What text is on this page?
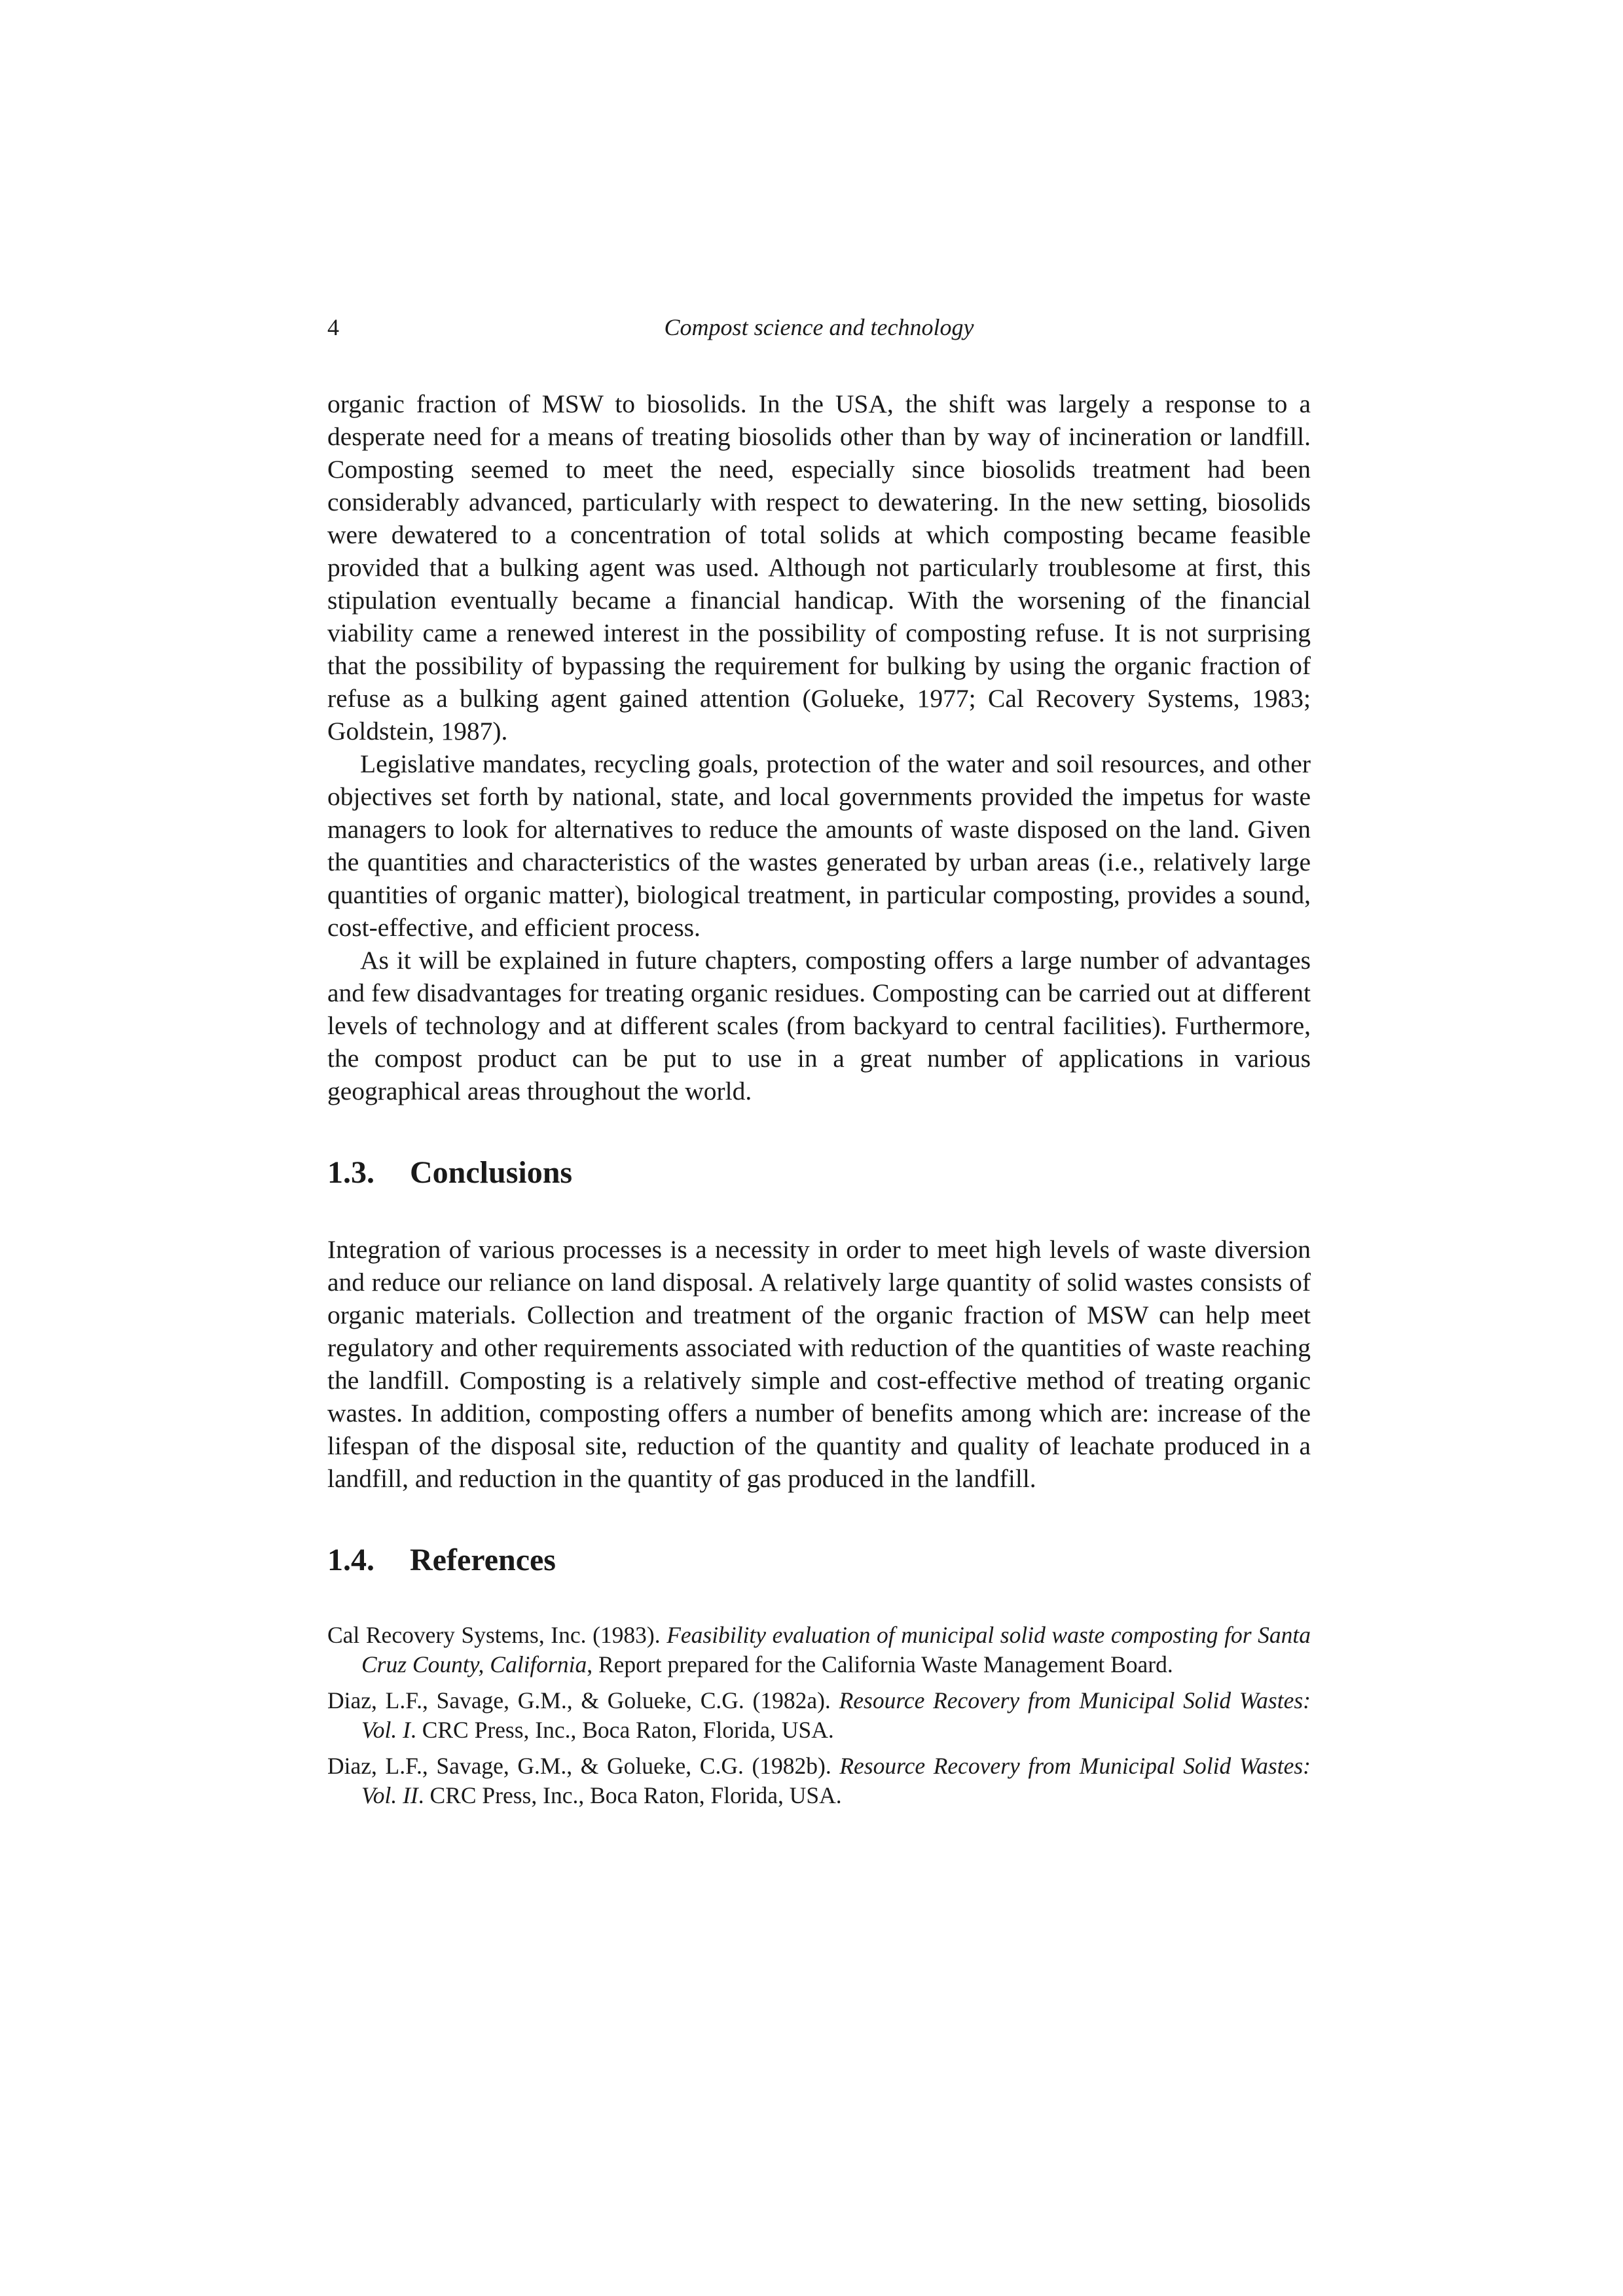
4	Compost science and technology

organic fraction of MSW to biosolids. In the USA, the shift was largely a response to a desperate need for a means of treating biosolids other than by way of incineration or landfill. Composting seemed to meet the need, especially since biosolids treatment had been considerably advanced, particularly with respect to dewatering. In the new setting, biosolids were dewatered to a concentration of total solids at which composting became feasible provided that a bulking agent was used. Although not particularly troublesome at first, this stipulation eventually became a financial handicap. With the worsening of the financial viability came a renewed interest in the possibility of composting refuse. It is not surprising that the possibility of bypassing the requirement for bulking by using the organic fraction of refuse as a bulking agent gained attention (Golueke, 1977; Cal Recovery Systems, 1983; Goldstein, 1987).

Legislative mandates, recycling goals, protection of the water and soil resources, and other objectives set forth by national, state, and local governments provided the impetus for waste managers to look for alternatives to reduce the amounts of waste disposed on the land. Given the quantities and characteristics of the wastes generated by urban areas (i.e., relatively large quantities of organic matter), biological treatment, in particular composting, provides a sound, cost-effective, and efficient process.

As it will be explained in future chapters, composting offers a large number of advantages and few disadvantages for treating organic residues. Composting can be carried out at different levels of technology and at different scales (from backyard to central facilities). Furthermore, the compost product can be put to use in a great number of applications in various geographical areas throughout the world.

1.3. Conclusions

Integration of various processes is a necessity in order to meet high levels of waste diversion and reduce our reliance on land disposal. A relatively large quantity of solid wastes consists of organic materials. Collection and treatment of the organic fraction of MSW can help meet regulatory and other requirements associated with reduction of the quantities of waste reaching the landfill. Composting is a relatively simple and cost-effective method of treating organic wastes. In addition, composting offers a number of benefits among which are: increase of the lifespan of the disposal site, reduction of the quantity and quality of leachate produced in a landfill, and reduction in the quantity of gas produced in the landfill.

1.4. References
Cal Recovery Systems, Inc. (1983). Feasibility evaluation of municipal solid waste composting for Santa Cruz County, California, Report prepared for the California Waste Management Board.
Diaz, L.F., Savage, G.M., & Golueke, C.G. (1982a). Resource Recovery from Municipal Solid Wastes: Vol. I. CRC Press, Inc., Boca Raton, Florida, USA.
Diaz, L.F., Savage, G.M., & Golueke, C.G. (1982b). Resource Recovery from Municipal Solid Wastes: Vol. II. CRC Press, Inc., Boca Raton, Florida, USA.
